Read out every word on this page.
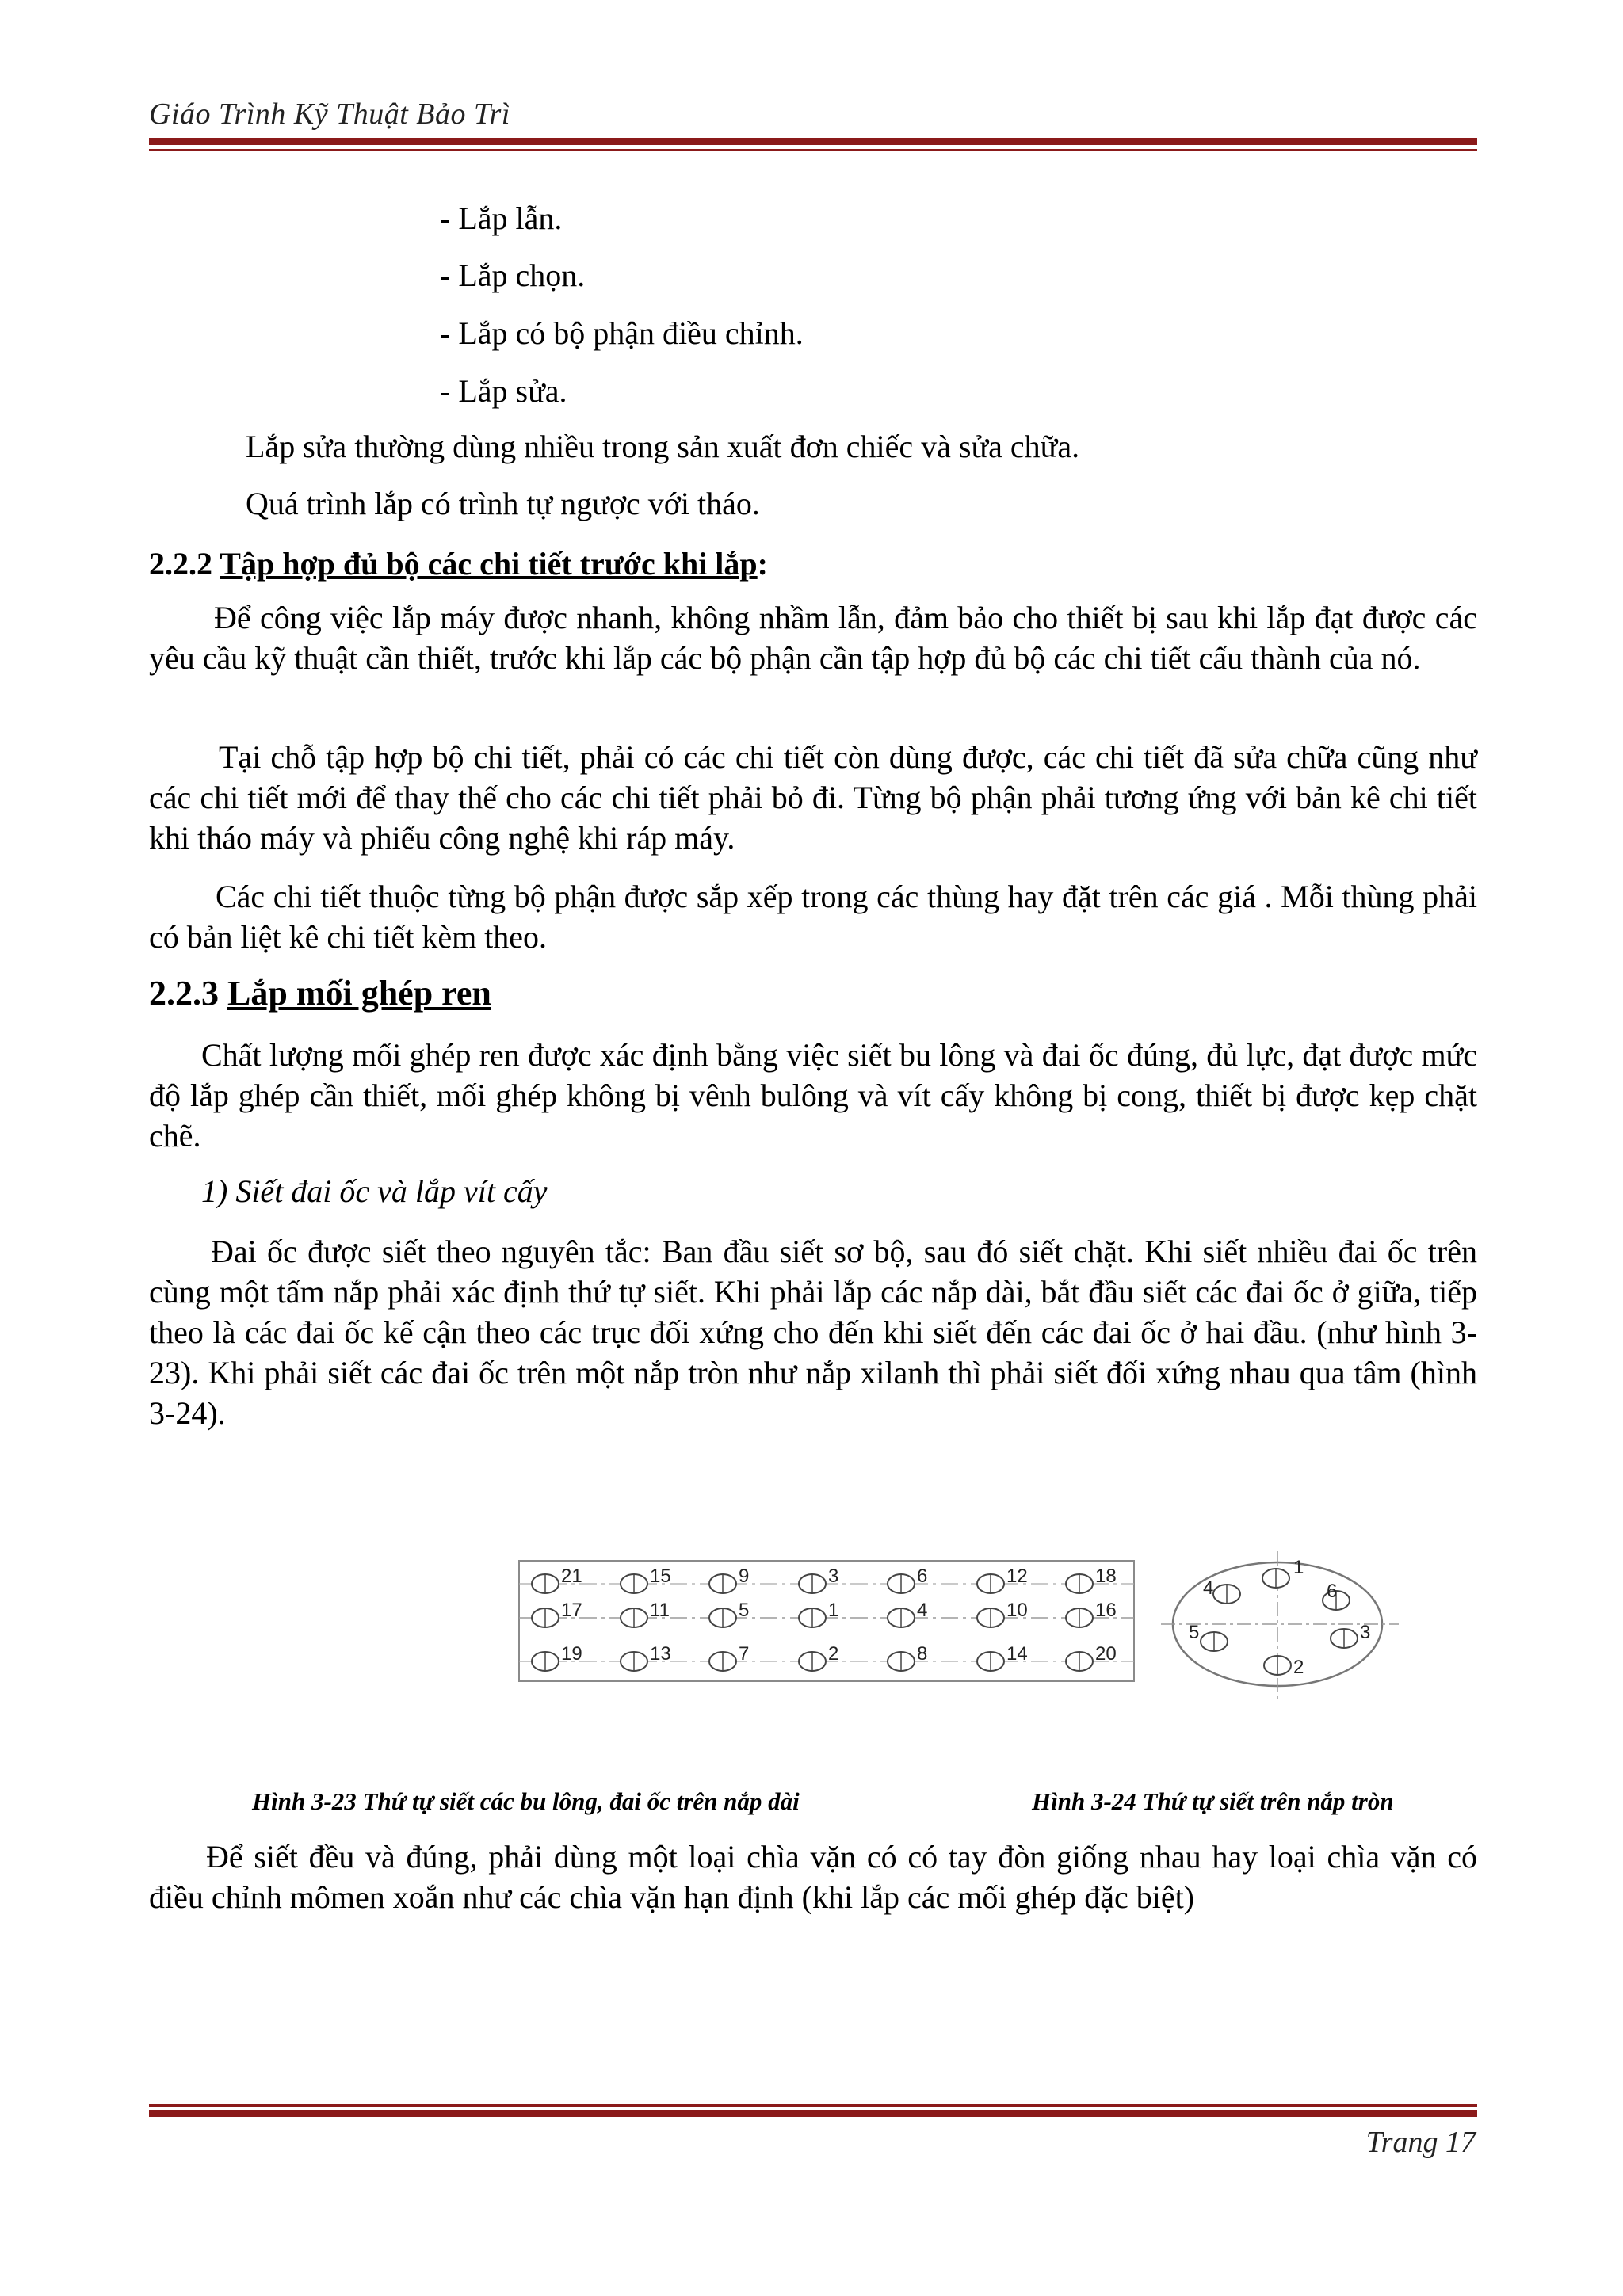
Giáo Trình Kỹ Thuật Bảo Trì
- Lắp lẫn.
- Lắp chọn.
- Lắp có bộ phận điều chỉnh.
- Lắp sửa.
Lắp sửa thường dùng nhiều trong sản xuất đơn chiếc và sửa chữa.
Quá trình lắp có trình tự ngược với tháo.
2.2.2 Tập hợp đủ bộ các chi tiết trước khi lắp:
Để công việc lắp máy được nhanh, không nhầm lẫn, đảm bảo cho thiết bị sau khi lắp đạt được các yêu cầu kỹ thuật cần thiết, trước khi lắp các bộ phận cần tập hợp đủ bộ các chi tiết cấu thành của nó.
Tại chỗ tập hợp bộ chi tiết, phải có các chi tiết còn dùng được, các chi tiết đã sửa chữa cũng như các chi tiết mới để thay thế cho các chi tiết phải bỏ đi. Từng bộ phận phải tương ứng với bản kê chi tiết khi tháo máy và phiếu công nghệ khi ráp máy.
Các chi tiết thuộc từng bộ phận được sắp xếp trong các thùng hay đặt trên các giá . Mỗi thùng phải có bản liệt kê chi tiết kèm theo.
2.2.3 Lắp mối ghép ren
Chất lượng mối ghép ren được xác định bằng việc siết bu lông và đai ốc đúng, đủ lực, đạt được mức độ lắp ghép cần thiết, mối ghép không bị vênh bulông và vít cấy không bị cong, thiết bị được kẹp chặt chẽ.
1) Siết đai ốc và lắp vít cấy
Đai ốc được siết theo nguyên tắc: Ban đầu siết sơ bộ, sau đó siết chặt. Khi siết nhiều đai ốc trên cùng một tấm nắp phải xác định thứ tự siết. Khi phải lắp các nắp dài, bắt đầu siết các đai ốc ở giữa, tiếp theo là các đai ốc kế cận theo các trục đối xứng cho đến khi siết đến các đai ốc ở hai đầu. (như hình 3-23). Khi phải siết các đai ốc trên một nắp tròn như nắp xilanh thì phải siết đối xứng nhau qua tâm (hình 3-24).
21	15	9	3	6	12	18
17	11	5	1	4	10	16
19	13	7	2	8	14	20
1
2
3
4
5
6
Hình 3-23 Thứ tự siết các bu lông, đai ốc trên nắp dài	Hình 3-24 Thứ tự siết trên nắp tròn
Để siết đều và đúng, phải dùng một loại chìa vặn có có tay đòn giống nhau hay loại chìa vặn có điều chỉnh mômen xoắn như các chìa vặn hạn định (khi lắp các mối ghép đặc biệt)
Trang 17
